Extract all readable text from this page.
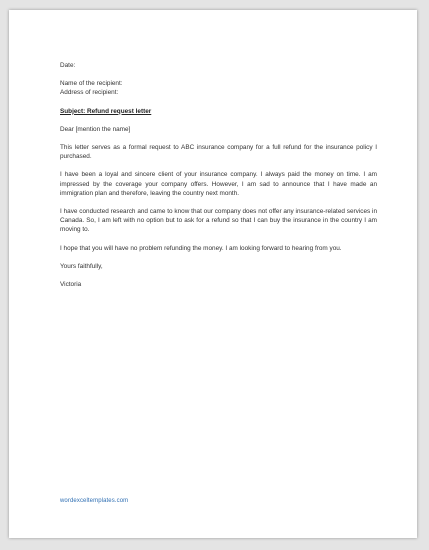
Date:

Name of the recipient:

Address of recipient:

Subject: Refund request letter

Dear [mention the name]

This letter serves as a formal request to ABC insurance company for a full refund for the insurance policy I purchased.

I have been a loyal and sincere client of your insurance company. I always paid the money on time. I am impressed by the coverage your company offers. However, I am sad to announce that I have made an immigration plan and therefore, leaving the country next month.

I have conducted research and came to know that our company does not offer any insurance-related services in Canada. So, I am left with no option but to ask for a refund so that I can buy the insurance in the country I am moving to.

I hope that you will have no problem refunding the money. I am looking forward to hearing from you.

Yours faithfully,

Victoria

wordexceltemplates.com
